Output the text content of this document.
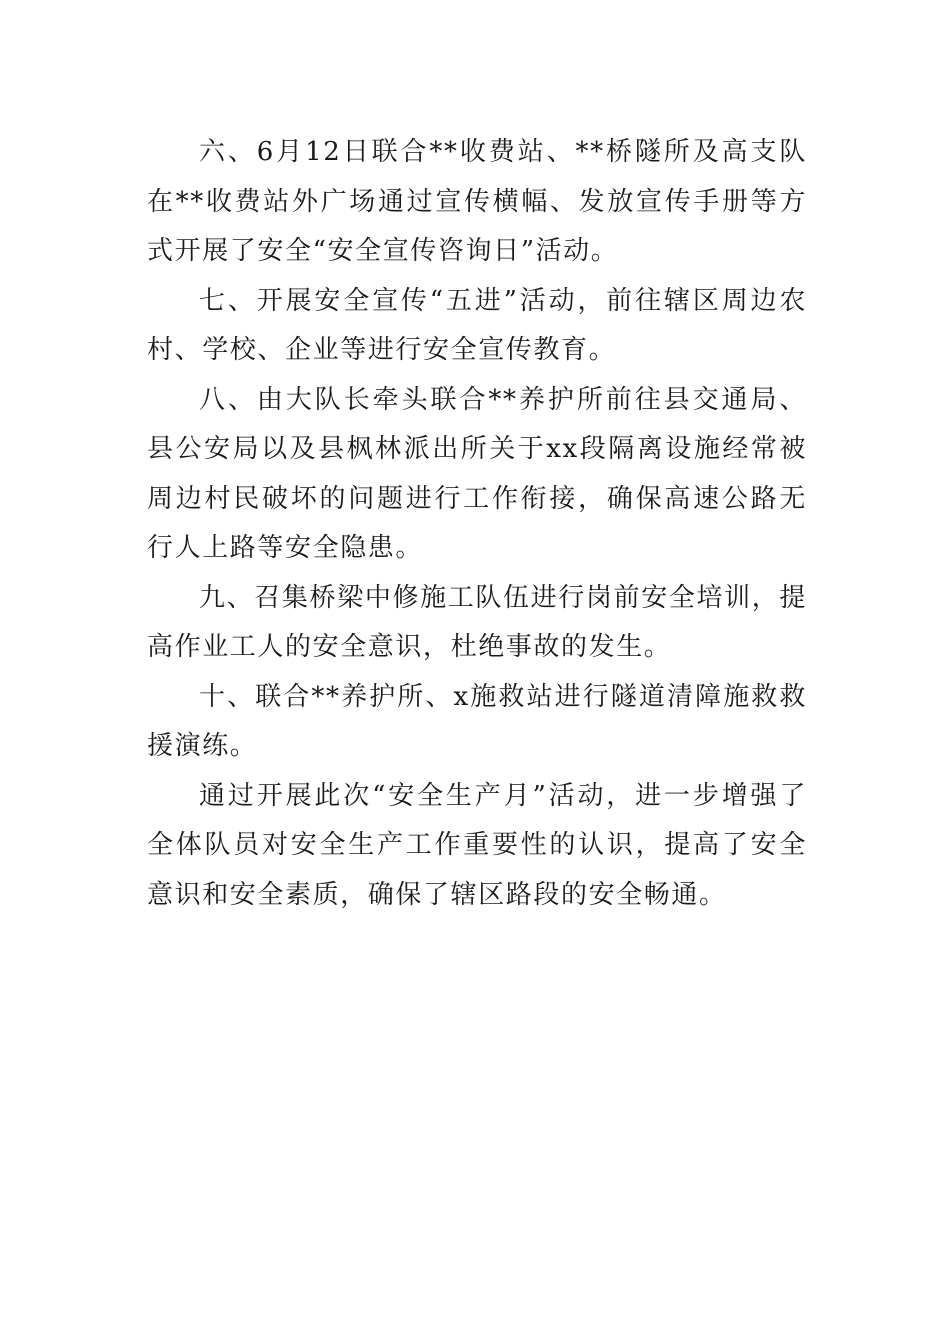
六、6月12日联合**收费站、**桥隧所及高支队在**收费站外广场通过宣传横幅、发放宣传手册等方式开展了安全“安全宣传咨询日”活动。

七、开展安全宣传“五进”活动，前往辖区周边农村、学校、企业等进行安全宣传教育。

八、由大队长牵头联合**养护所前往县交通局、县公安局以及县枫林派出所关于xx段隔离设施经常被周边村民破坏的问题进行工作衔接，确保高速公路无行人上路等安全隐患。

九、召集桥梁中修施工队伍进行岗前安全培训，提高作业工人的安全意识，杜绝事故的发生。

十、联合**养护所、x施救站进行隧道清障施救救援演练。

通过开展此次“安全生产月”活动，进一步增强了全体队员对安全生产工作重要性的认识，提高了安全意识和安全素质，确保了辖区路段的安全畅通。
